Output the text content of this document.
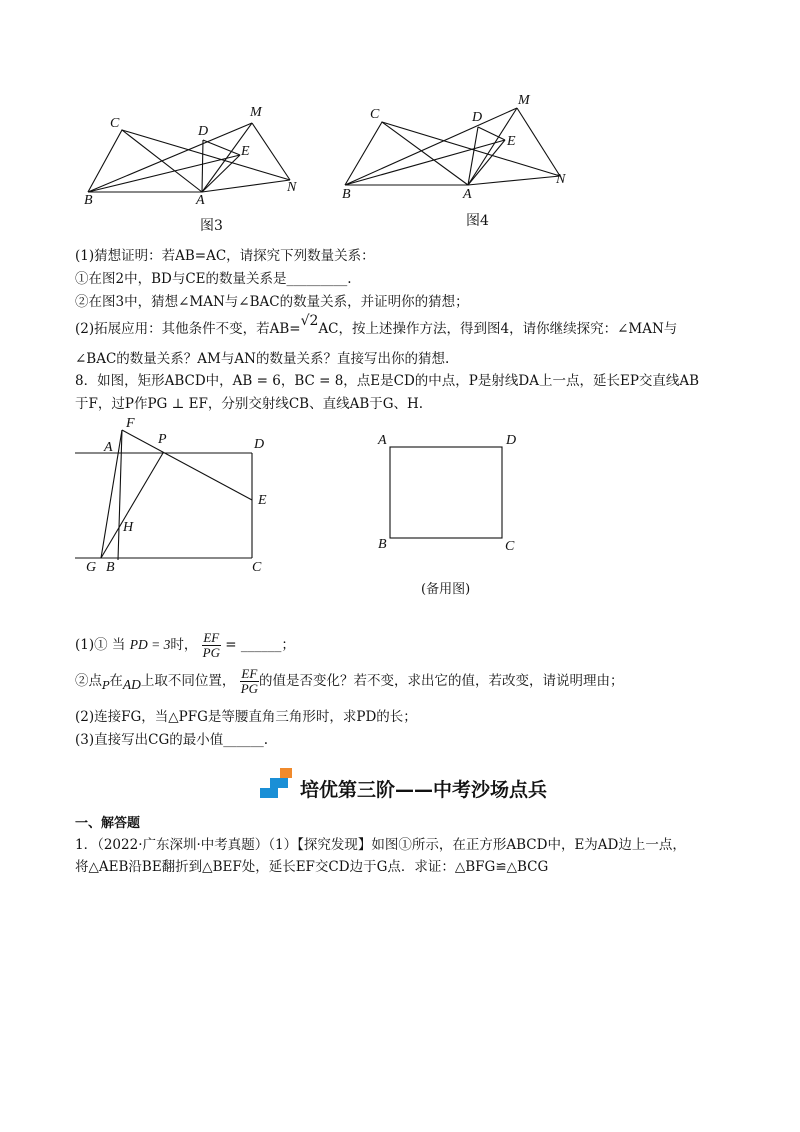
C
D
M
E
N
A
B
图3
C	D
M
E
N
A
B
图4
(1)猜想证明：若AB=AC，请探究下列数量关系：
①在图2中，BD与CE的数量关系是_________.
②在图3中，猜想∠MAN与∠BAC的数量关系，并证明你的猜想；
(2)拓展应用：其他条件不变，若AB=√2AC，按上述操作方法，得到图4，请你继续探究：∠MAN与
∠BAC的数量关系？AM与AN的数量关系？直接写出你的猜想.
8．如图，矩形ABCD中，AB = 6，BC = 8，点E是CD的中点，P是射线DA上一点，延长EP交直线AB
于F，过P作PG ⊥ EF，分别交射线CB、直线AB于G、H.
F
A
P	D
E
H
G B	C
A	D
B	C
(备用图)
(1)① 当 PD = 3时， $\frac{EF}{PG}$ = ______；
②点$_P$在AD上取不同位置， $\frac{EF}{PG}$ 的值是否变化？若不变，求出它的值，若改变，请说明理由；
(2)连接FG，当△PFG是等腰直角三角形时，求PD的长；
(3)直接写出CG的最小值______.
培优第三阶——中考沙场点兵
一、解答题
1．（2022·广东深圳·中考真题）（1）【探究发现】如图①所示，在正方形ABCD中，E为AD边上一点，
将△AEB沿BE翻折到△BEF处，延长EF交CD边于G点．求证：△BFG≌△BCG
